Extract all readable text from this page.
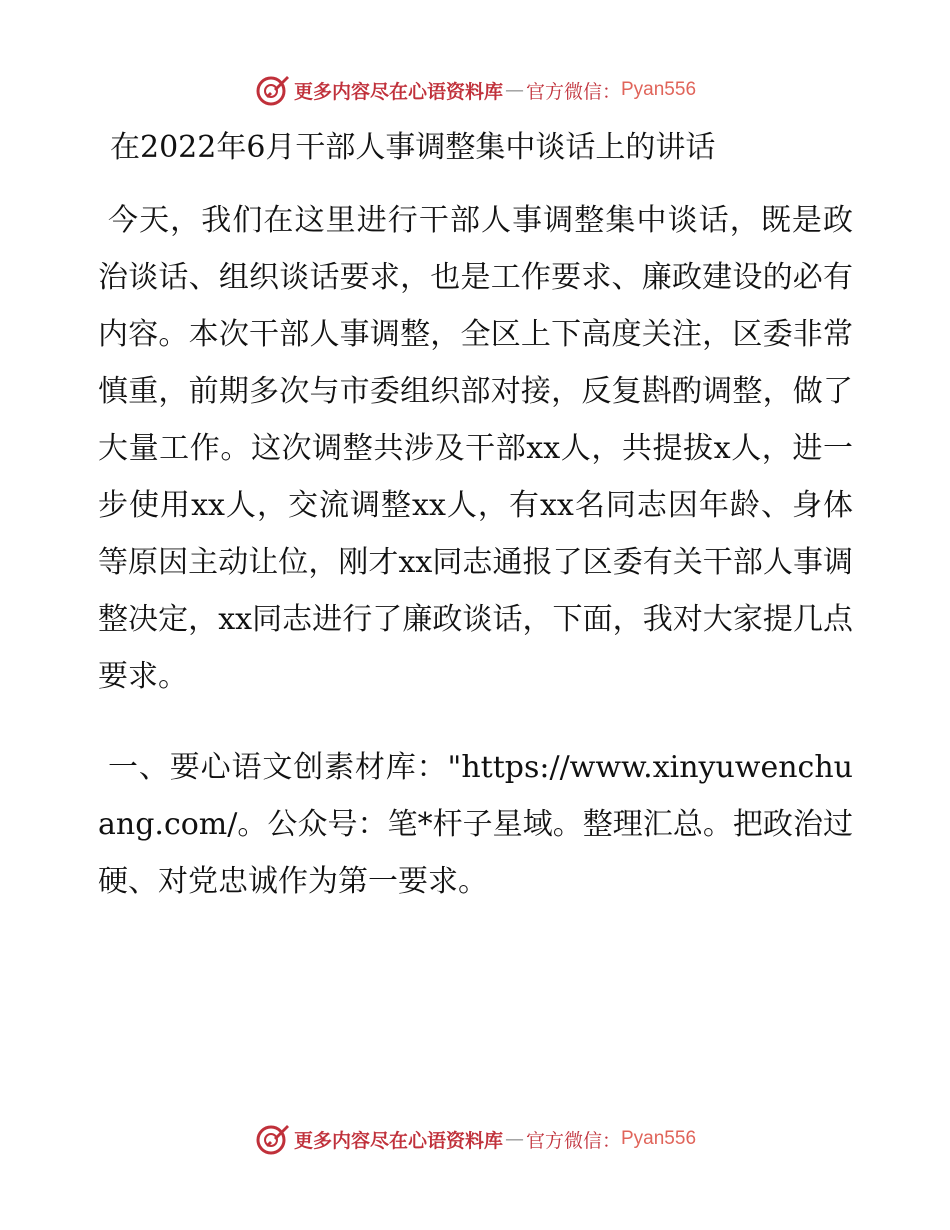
更多内容尽在心语资料库 — 官方微信： Pyan556
在2022年6月干部人事调整集中谈话上的讲话

今天，我们在这里进行干部人事调整集中谈话，既是政治谈话、组织谈话要求，也是工作要求、廉政建设的必有内容。本次干部人事调整，全区上下高度关注，区委非常慎重，前期多次与市委组织部对接，反复斟酌调整，做了大量工作。这次调整共涉及干部xx人，共提拔x人，进一步使用xx人，交流调整xx人，有xx名同志因年龄、身体等原因主动让位，刚才xx同志通报了区委有关干部人事调整决定，xx同志进行了廉政谈话，下面，我对大家提几点要求。

一、要心语文创素材库："https://www.xinyuwenchuang.com/。公众号：笔*杆子星域。整理汇总。把政治过硬、对党忠诚作为第一要求。

更多内容尽在心语资料库 — 官方微信： Pyan556
